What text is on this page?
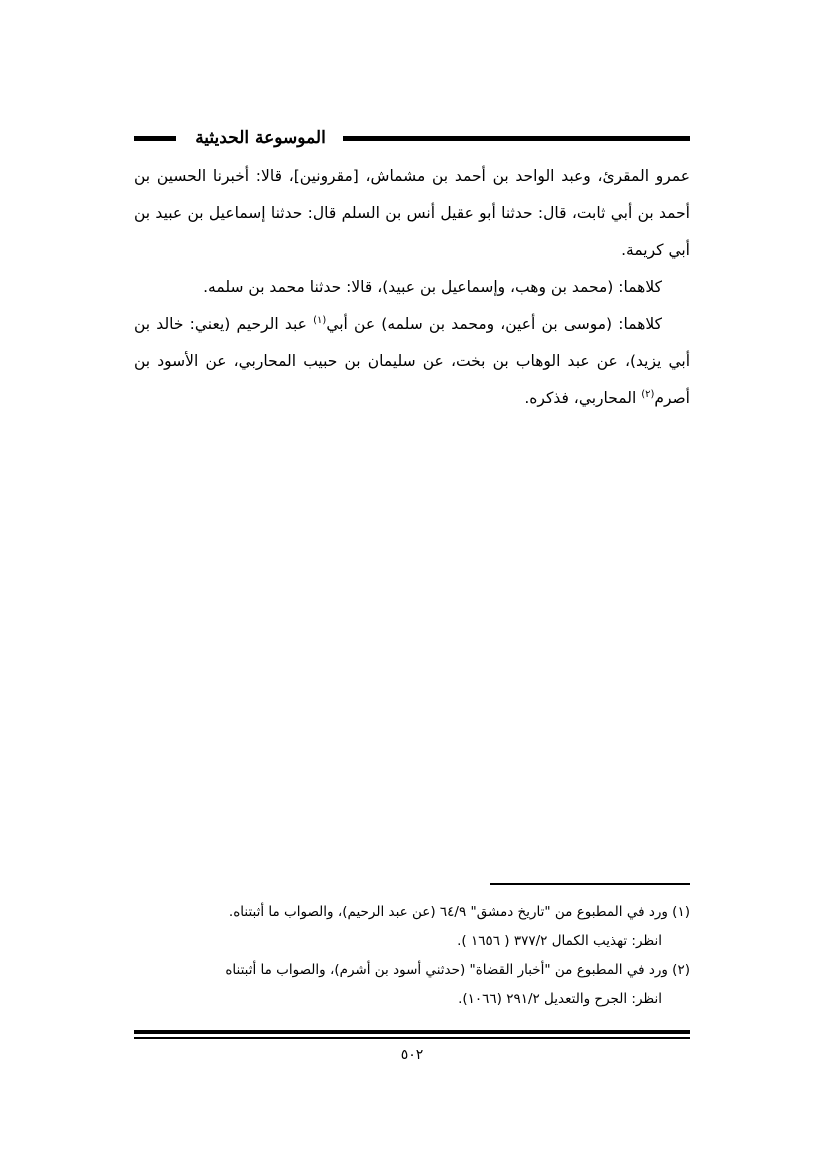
الموسوعة الحديثية

عمرو المقرئ، وعبد الواحد بن أحمد بن مشماش، [مقرونين]، قالا: أخبرنا الحسين بن أحمد بن أبي ثابت، قال: حدثنا أبو عقيل أنس بن السلم قال: حدثنا إسماعيل بن عبيد بن أبي كريمة.

كلاهما: (محمد بن وهب، وإسماعيل بن عبيد)، قالا: حدثنا محمد بن سلمه.

كلاهما: (موسى بن أعين، ومحمد بن سلمه) عن أبي$^{(١)}$ عبد الرحيم (يعني: خالد بن أبي يزيد)، عن عبد الوهاب بن بخت، عن سليمان بن حبيب المحاربي، عن الأسود بن أصرم$^{(٢)}$ المحاربي، فذكره.

(١) ورد في المطبوع من "تاريخ دمشق" ٦٤/٩ (عن عبد الرحيم)، والصواب ما أثبتناه.

انظر: تهذيب الكمال ٣٧٧/٢ ( ١٦٥٦ ).

(٢) ورد في المطبوع من "أخبار القضاة" (حدثني أسود بن أشرم)، والصواب ما أثبتناه

انظر: الجرح والتعديل ٢٩١/٢ (١٠٦٦).

٥٠٢
